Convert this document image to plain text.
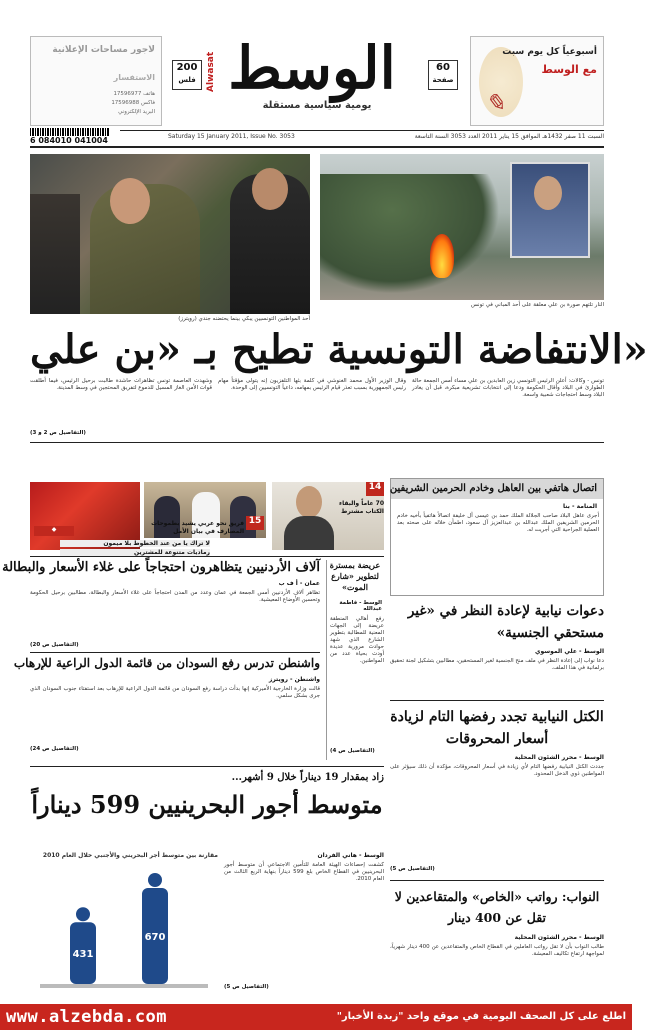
لاجور مساحات الإعلانية
الاستفسار
هاتف 17596977
فاكس 17596988
البريد الإلكتروني
200
فلس الوسط
Alwasat
يومية سياسية مستقلة
60
صفحة
أسبوعياً كل يوم سبت
مع الوسط
✎
6 084010 041004	Saturday 15 January 2011, Issue No. 3053	السبت 11 صفر 1432هـ الموافق 15 يناير 2011 العدد 3053 السنة التاسعة
أحد المواطنين التونسيين يبكي بينما يحتضنه جندي (رويترز)
النار تلتهم صورة بن علي معلقة على أحد المباني في تونس
الانتفاضة التونسية تطيح بـ «بن علي»
تونس - وكالات: أعلن الرئيس التونسي زين العابدين بن علي مساء أمس الجمعة حالة الطوارئ في البلاد وأقال الحكومة ودعا إلى انتخابات تشريعية مبكرة، قبل أن يغادر البلاد وسط احتجاجات شعبية واسعة.
وقال الوزير الأول محمد الغنوشي في كلمة بثها التلفزيون إنه يتولى مؤقتاً مهام رئيس الجمهورية بسبب تعذر قيام الرئيس بمهامه، داعياً التونسيين إلى الوحدة.
وشهدت العاصمة تونس تظاهرات حاشدة طالبت برحيل الرئيس، فيما أطلقت قوات الأمن الغاز المسيل للدموع لتفريق المحتجين في وسط المدينة.
(التفاصيل ص 2 و 3)
◆
لا تراك يا من عند الخطوط بلا ميمون
رماديات متنوعة للمشترين
15
فريق نحو عربي يشيد بطموحات المصارف في بيان الأمل
14
70 عاماً والبقاء الكتاب مشترط
اتصال هاتفي بين العاهل وخادم الحرمين الشريفين
المنامة - بنا
أجرى عاهل البلاد صاحب الجلالة الملك حمد بن عيسى آل خليفة اتصالاً هاتفياً بأخيه خادم الحرمين الشريفين الملك عبدالله بن عبدالعزيز آل سعود، اطمأن خلاله على صحته بعد العملية الجراحية التي أجريت له.
آلاف الأردنيين يتظاهرون احتجاجاً على غلاء الأسعار والبطالة
عمان - أ ف ب
تظاهر آلاف الأردنيين أمس الجمعة في عمان وعدد من المدن احتجاجاً على غلاء الأسعار والبطالة، مطالبين برحيل الحكومة وتحسين الأوضاع المعيشية.
(التفاصيل ص 20)
عريضة بمسترة لتطوير «شارع الموت»
الوسط - فاطمة عبدالله
رفع أهالي المنطقة عريضة إلى الجهات المعنية للمطالبة بتطوير الشارع الذي شهد حوادث مرورية عديدة أودت بحياة عدد من المواطنين.
(التفاصيل ص 4)
واشنطن تدرس رفع السودان من قائمة الدول الراعية للإرهاب
واشنطن - رويترز
قالت وزارة الخارجية الأميركية إنها بدأت دراسة رفع السودان من قائمة الدول الراعية للإرهاب بعد استفتاء جنوب السودان الذي جرى بشكل سلمي.
(التفاصيل ص 24)
دعوات نيابية لإعادة النظر في «غير مستحقي الجنسية»
الوسط - علي الموسوي
دعا نواب إلى إعادة النظر في ملف منح الجنسية لغير المستحقين، مطالبين بتشكيل لجنة تحقيق برلمانية في هذا الملف.
الكتل النيابية تجدد رفضها التام لزيادة أسعار المحروقات
الوسط - محرر الشئون المحلية
جددت الكتل النيابية رفضها التام لأي زيادة في أسعار المحروقات، مؤكدة أن ذلك سيؤثر على المواطنين ذوي الدخل المحدود.
(التفاصيل ص 5)
زاد بمقدار 19 ديناراً خلال 9 أشهر...
متوسط أجور البحرينيين 599 ديناراً
مقارنة بين متوسط أجر البحريني والأجنبي خلال العام 2010
431
670
الوسط - هاني الفردان
كشفت إحصاءات الهيئة العامة للتأمين الاجتماعي أن متوسط أجور البحرينيين في القطاع الخاص بلغ 599 ديناراً بنهاية الربع الثالث من العام 2010.
(التفاصيل ص 5)
النواب: رواتب «الخاص» والمتقاعدين لا تقل عن 400 دينار
الوسط - محرر الشئون المحلية
طالب النواب بأن لا تقل رواتب العاملين في القطاع الخاص والمتقاعدين عن 400 دينار شهرياً، لمواجهة ارتفاع تكاليف المعيشة.
www.alzebda.com	اطلع على كل الصحف اليومية في موقع واحد "زبدة الأخبار"
